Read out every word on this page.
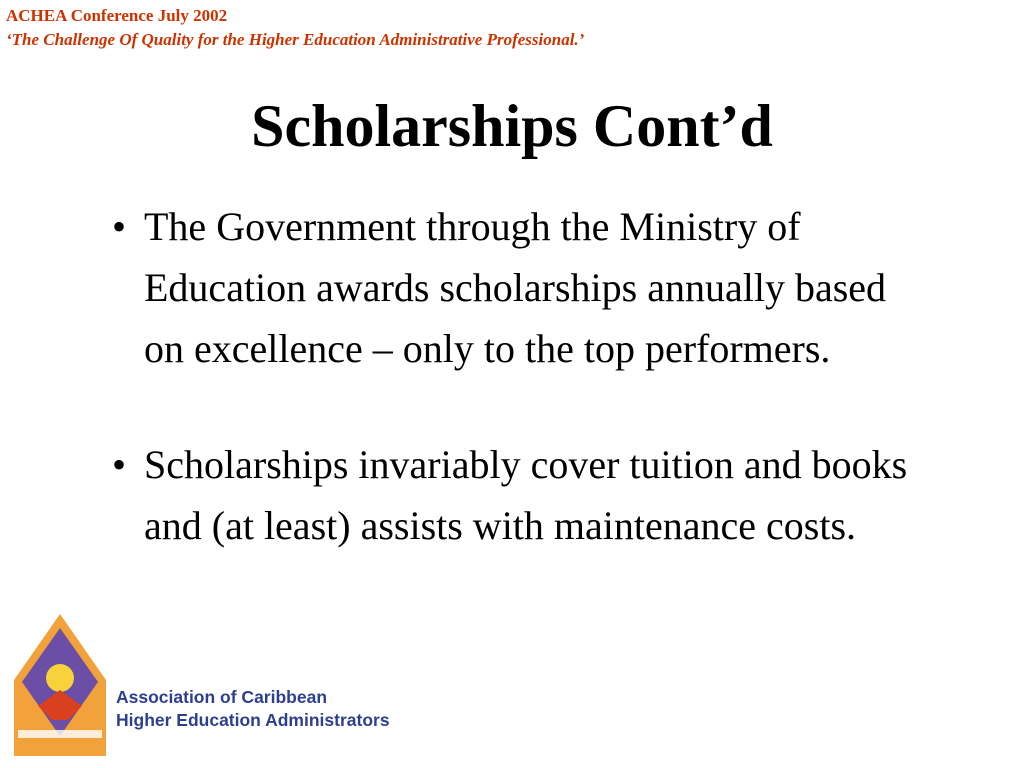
ACHEA Conference July 2002
‘The Challenge Of Quality for the Higher Education Administrative Professional.’
Scholarships Cont’d
• The Government through the Ministry of Education awards scholarships annually based on excellence – only to the top performers.
• Scholarships invariably cover tuition and books and (at least) assists with maintenance costs.
Association of Caribbean
Higher Education Administrators
